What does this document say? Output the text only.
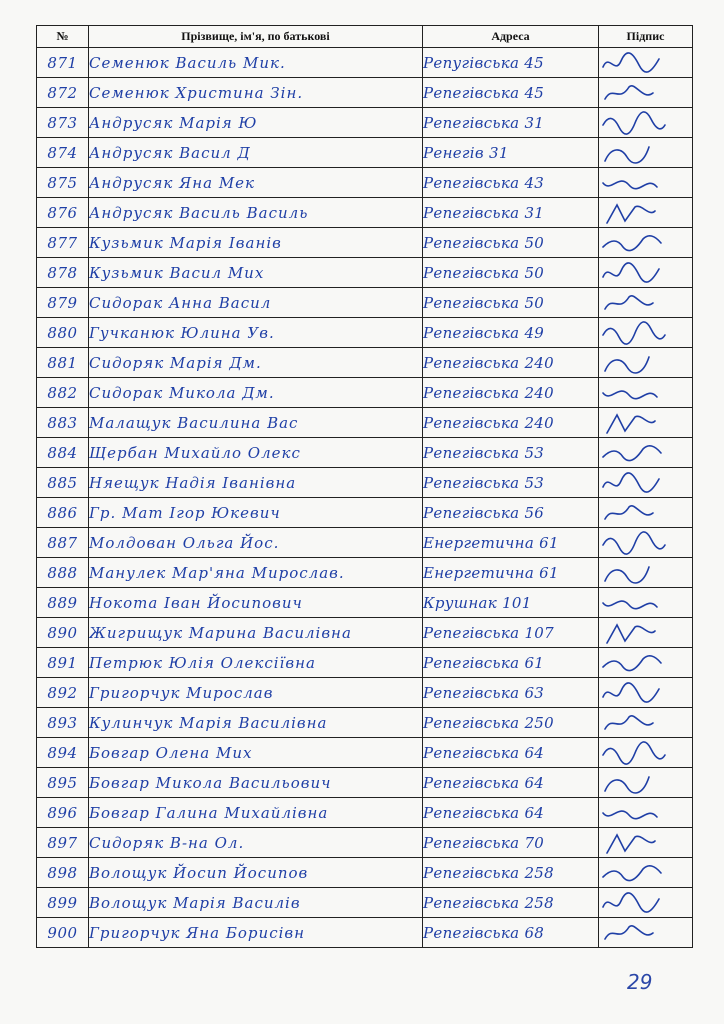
№	Прізвище, ім'я, по батькові	Адреса	Підпис
871	Семенюк Василь Мик.	Репугівська 45	

872	Семенюк Христина Зін.	Репегівська 45	

873	Андрусяк Марія Ю	Репегівська 31	

874	Андрусяк Васил Д	Ренегів 31	

875	Андрусяк Яна Мек	Репегівська 43	

876	Андрусяк Василь Василь	Репегівська 31	

877	Кузьмик Марія Іванів	Репегівська 50	

878	Кузьмик Васил Мих	Репегівська 50	

879	Сидорак Анна Васил	Репегівська 50	

880	Гучканюк Юлина Ув.	Репегівська 49	

881	Сидоряк Марія Дм.	Репегівська 240	

882	Сидорак Микола Дм.	Репегівська 240	

883	Малащук Василина Вас	Репегівська 240	

884	Щербан Михайло Олекс	Репегівська 53	

885	Няещук Надія Іванівна	Репегівська 53	

886	Гр. Мат Ігор Юкевич	Репегівська 56	

887	Молдован Ольга Йос.	Енергетична 61	

888	Манулек Мар'яна Мирослав.	Енергетична 61	

889	Нокота Іван Йосипович	Крушнак 101	

890	Жигрищук Марина Василівна	Репегівська 107	

891	Петрюк Юлія Олексіївна	Репегівська 61	

892	Григорчук Мирослав	Репегівська 63	

893	Кулинчук Марія Василівна	Репегівська 250	

894	Бовгар Олена Мих	Репегівська 64	

895	Бовгар Микола Васильович	Репегівська 64	

896	Бовгар Галина Михайлівна	Репегівська 64	

897	Сидоряк В-на Ол.	Репегівська 70	

898	Волощук Йосип Йосипов	Репегівська 258	

899	Волощук Марія Василів	Репегівська 258	

900	Григорчук Яна Борисівн	Репегівська 68	
29
